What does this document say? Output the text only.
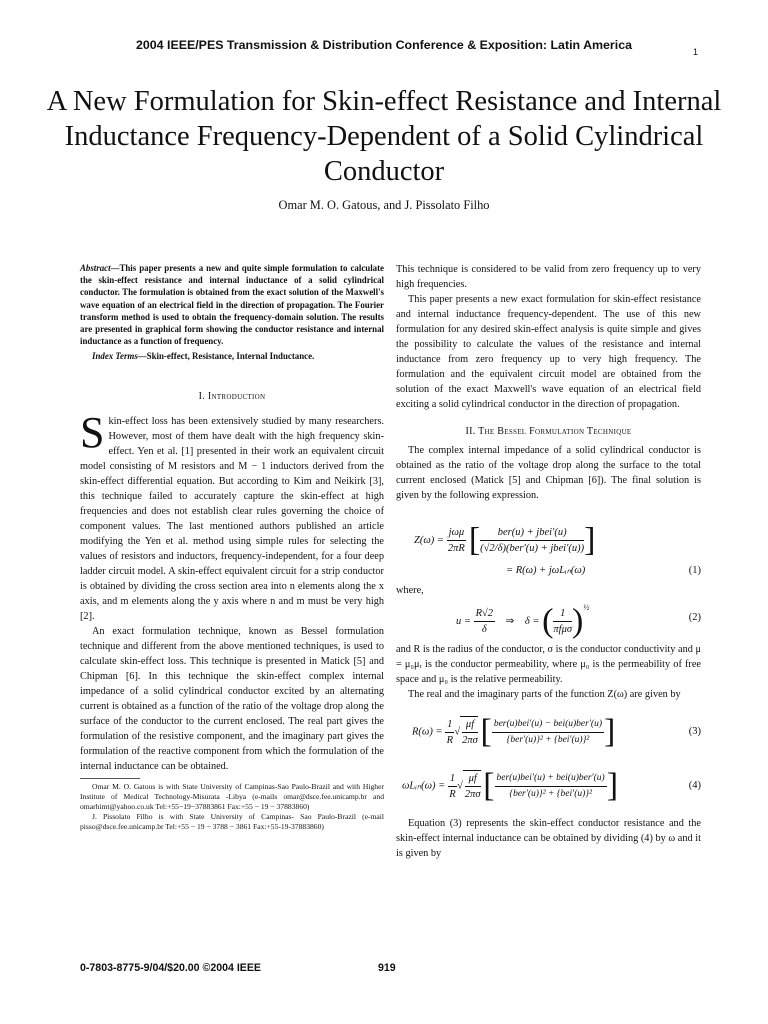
2004 IEEE/PES Transmission & Distribution Conference & Exposition: Latin America	1
A New Formulation for Skin-effect Resistance and Internal Inductance Frequency-Dependent of a Solid Cylindrical Conductor
Omar M. O. Gatous, and J. Pissolato Filho

Abstract—This paper presents a new and quite simple formulation to calculate the skin-effect resistance and internal inductance of a solid cylindrical conductor. The formulation is obtained from the exact solution of the Maxwell's wave equation of an electrical field in the direction of propagation. The Fourier transform method is used to obtain the frequency-domain solution. The results are presented in graphical form showing the conductor resistance and internal inductance as a function of frequency.

Index Terms—Skin-effect, Resistance, Internal Inductance.

I. Introduction

Skin-effect loss has been extensively studied by many researchers. However, most of them have dealt with the high frequency skin-effect. Yen et al. [1] presented in their work an equivalent circuit model consisting of M resistors and M − 1 inductors derived from the skin-effect differential equation. But according to Kim and Neikirk [3], this technique failed to accurately capture the skin-effect at high frequencies and does not establish clear rules governing the choice of component values. The last mentioned authors published an article modifying the Yen et al. method using simple rules for selecting the values of resistors and inductors, frequency-independent, for a four deep ladder circuit model. A skin-effect equivalent circuit for a strip conductor is obtained by dividing the cross section area into n elements along the x axis, and m elements along the y axis where n and m must be very high [2].

An exact formulation technique, known as Bessel formulation technique and different from the above mentioned techniques, is used to calculate skin-effect loss. This technique is presented in Matick [5] and Chipman [6]. In this technique the skin-effect complex internal impedance of a solid cylindrical conductor excited by an alternating current is obtained as a function of the ratio of the voltage drop along the surface of the conductor to the current enclosed. The real part gives the formulation of the resistive component, and the imaginary part gives the formulation of the reactive component from which the formulation of the internal inductance can be obtained.

Omar M. O. Gatous is with State University of Campinas-Sao Paulo-Brazil and with Higher Institute of Medical Technology-Misurata -Libya (e-mails omar@dsce.fee.unicamp.br and omarhimt@yahoo.co.uk Tel:+55−19−37883861 Fax:+55 − 19 − 37883860)

J. Pissolato Filho is with State University of Campinas- Sao Paulo-Brazil (e-mail pisso@dsce.fee.unicamp.br Tel:+55 − 19 − 3788 − 3861 Fax:+55-19-37883860)

This technique is considered to be valid from zero frequency up to very high frequencies.

This paper presents a new exact formulation for skin-effect resistance and internal inductance frequency-dependent. The use of this new formulation for any desired skin-effect analysis is quite simple and gives the possibility to calculate the values of the resistance and internal inductance from zero frequency up to very high frequency. The formulation and the equivalent circuit model are obtained from the solution of the exact Maxwell's wave equation of an electrical field exciting a solid cylindrical conductor in the direction of propagation.

II. The Bessel Formulation Technique

The complex internal impedance of a solid cylindrical conductor is obtained as the ratio of the voltage drop along the surface to the total current enclosed (Matick [5] and Chipman [6]). The final solution is given by the following expression.

$Z(\omega) = \frac{\text{jωμ}}{2\pi R}$ [ $\frac{\text{ber(u) + jbei′(u)}}{\text{(√2/δ)(ber′(u) + jbei′(u))}}$ ]
= R(ω) + jωLᵢₙ(ω)	(1)

where,

$u = \frac{R√2}{\delta}$ ⇒ δ = ( $\frac{1}{\text{πfμσ}} )^{\frac{1}{2}}$
(2)

and R is the radius of the conductor, σ is the conductor conductivity and μ = μ₀μᵣ is the conductor permeability, where μ₀ is the permeability of free space and μ₀ is the relative permeability.

The real and the imaginary parts of the function Z(ω) are given by

$R(\omega) = \frac{1}{R}$ √ $\frac{\mu f}{2\pi\sigma}$ [ $\frac{\text{ber(u)bei′(u) − bei(u)ber′(u)}}{\text{\{ber′(u)\}² + \{bei′(u)\}²}}$ ]	(3)
ωLᵢₙ(ω) = $\frac{1}{R}$ √ $\frac{\mu f}{2\pi\sigma}$ [ $\frac{\text{ber(u)bei′(u) + bei(u)ber′(u)}}{\text{\{ber′(u)\}² + \{bei′(u)\}²}}$ ]	(4)

Equation (3) represents the skin-effect conductor resistance and the skin-effect internal inductance can be obtained by dividing (4) by ω and it is given by

0-7803-8775-9/04/$20.00 ©2004 IEEE	919
